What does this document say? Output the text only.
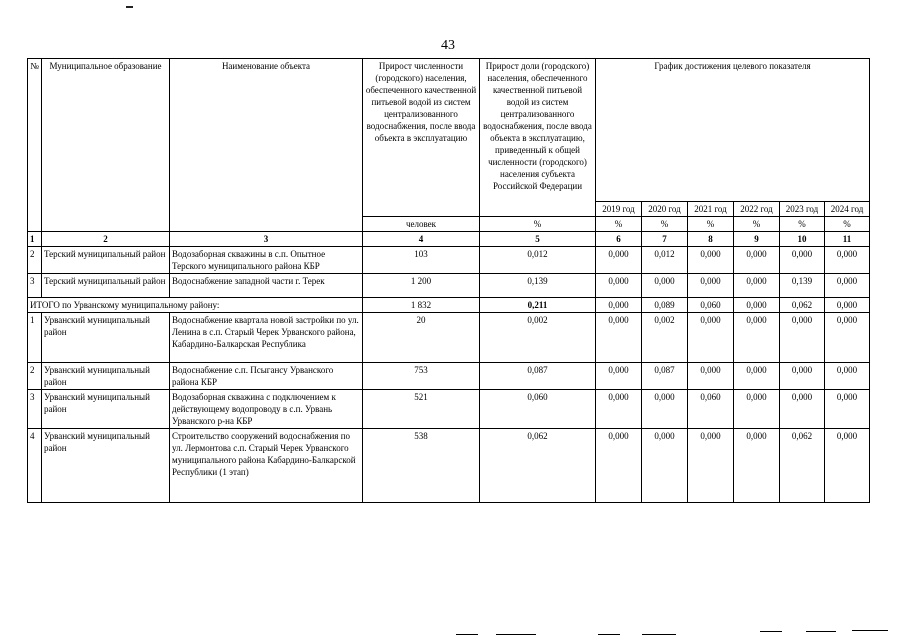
43
№	Муниципальное образование	Наименование объекта	Прирост численности (городского) населения, обеспеченного качественной питьевой водой из систем централизованного водоснабжения, после ввода объекта в эксплуатацию	Прирост доли (городского) населения, обеспеченного качественной питьевой водой из систем централизованного водоснабжения, после ввода объекта в эксплуатацию, приведенный к общей численности (городского) населения субъекта Российской Федерации	График достижения целевого показателя					
					2019 год	2020 год	2021 год	2022 год	2023 год	2024 год
			человек	%	%	%	%	%	%	%
1	2	3	4	5	6	7	8	9	10	11
2	Терский муниципальный район	Водозаборная скважины в с.п. Опытное Терского муниципального района КБР	103	0,012	0,000	0,012	0,000	0,000	0,000	0,000
3	Терский муниципальный район	Водоснабжение западной части г. Терек	1 200	0,139	0,000	0,000	0,000	0,000	0,139	0,000
ИТОГО по Урванскому муниципальному району:			1 832	0,211	0,000	0,089	0,060	0,000	0,062	0,000
1	Урванский муниципальный район	Водоснабжение квартала новой застройки по ул. Ленина в с.п. Старый Черек Урванского района, Кабардино-Балкарская Республика	20	0,002	0,000	0,002	0,000	0,000	0,000	0,000
2	Урванский муниципальный район	Водоснабжение с.п. Псыгансу Урванского района КБР	753	0,087	0,000	0,087	0,000	0,000	0,000	0,000
3	Урванский муниципальный район	Водозаборная скважина с подключением к действующему водопроводу в с.п. Урвань Урванского р-на КБР	521	0,060	0,000	0,000	0,060	0,000	0,000	0,000
4	Урванский муниципальный район	Строительство сооружений водоснабжения по ул. Лермонтова с.п. Старый Черек Урванского муниципального района Кабардино-Балкарской Республики (1 этап)	538	0,062	0,000	0,000	0,000	0,000	0,062	0,000
